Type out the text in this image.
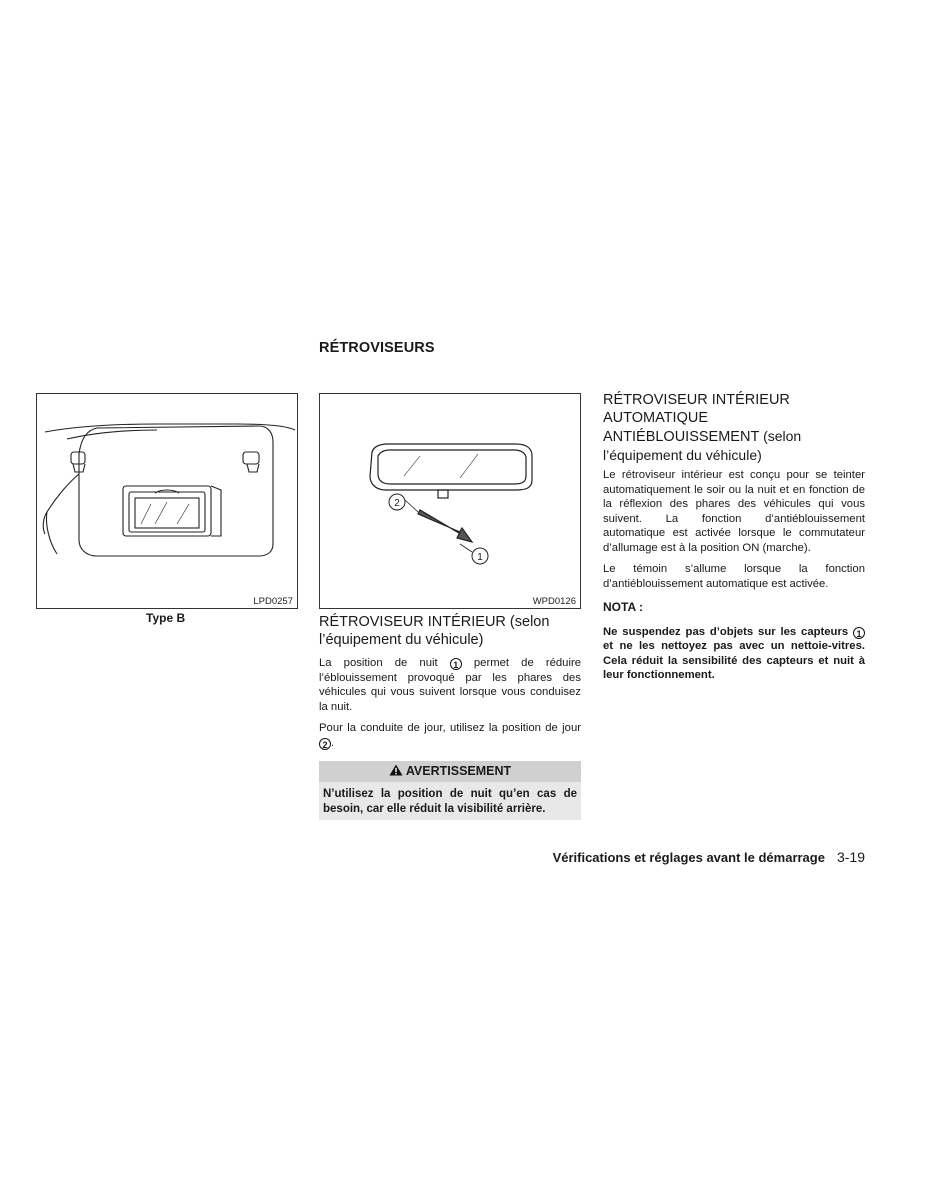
RÉTROVISEURS
LPD0257
Type B
2
1
WPD0126
RÉTROVISEUR INTÉRIEUR (selon
l’équipement du véhicule)

La position de nuit 1 permet de réduire l’éblouissement provoqué par les phares des véhicules qui vous suivent lorsque vous conduisez la nuit.

Pour la conduite de jour, utilisez la position de jour 2 .

AVERTISSEMENT
N’utilisez la position de nuit qu’en cas de besoin, car elle réduit la visibilité arrière.
RÉTROVISEUR INTÉRIEUR
AUTOMATIQUE
ANTIÉBLOUISSEMENT (selon
l’équipement du véhicule)

Le rétroviseur intérieur est conçu pour se teinter automatiquement le soir ou la nuit et en fonction de la réflexion des phares des véhicules qui vous suivent. La fonction d’antiéblouissement automatique est activée lorsque le commutateur d’allumage est à la position ON (marche).

Le témoin s’allume lorsque la fonction d’antiéblouissement automatique est activée.

NOTA :

Ne suspendez pas d’objets sur les capteurs 1 et ne les nettoyez pas avec un nettoie-vitres. Cela réduit la sensibilité des capteurs et nuit à leur fonctionnement.

Vérifications et réglages avant le démarrage 3-19
